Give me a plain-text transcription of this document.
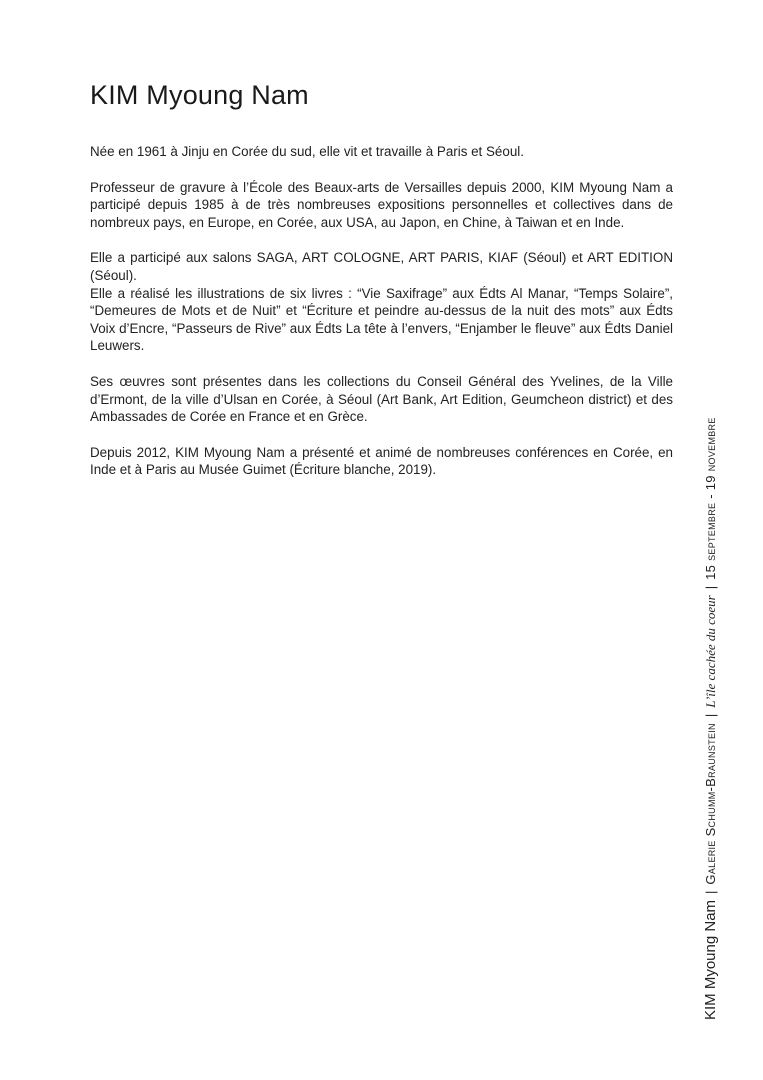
KIM Myoung Nam

Née en 1961 à Jinju en Corée du sud, elle vit et travaille à Paris et Séoul.

Professeur de gravure à l’École des Beaux-arts de Versailles depuis 2000, KIM Myoung Nam a participé depuis 1985 à de très nombreuses expositions personnelles et collectives dans de nombreux pays, en Europe, en Corée, aux USA, au Japon, en Chine, à Taiwan et en Inde.

Elle a participé aux salons SAGA, ART COLOGNE, ART PARIS, KIAF (Séoul) et ART EDITION (Séoul).

Elle a réalisé les illustrations de six livres : “Vie Saxifrage” aux Édts Al Manar, “Temps Solaire”, “Demeures de Mots et de Nuit” et “Écriture et peindre au-dessus de la nuit des mots” aux Édts Voix d’Encre, “Passeurs de Rive” aux Édts La tête à l’envers, “Enjamber le fleuve” aux Édts Daniel Leuwers.

Ses œuvres sont présentes dans les collections du Conseil Général des Yvelines, de la Ville d’Ermont, de la ville d’Ulsan en Corée, à Séoul (Art Bank, Art Edition, Geumcheon district) et des Ambassades de Corée en France et en Grèce.

Depuis 2012, KIM Myoung Nam a présenté et animé de nombreuses conférences en Corée, en Inde et à Paris au Musée Guimet (Écriture blanche, 2019).

KIM Myoung Nam|Galerie Schumm-Braunstein|L’île cachée du coeur|15 septembre - 19 novembre
